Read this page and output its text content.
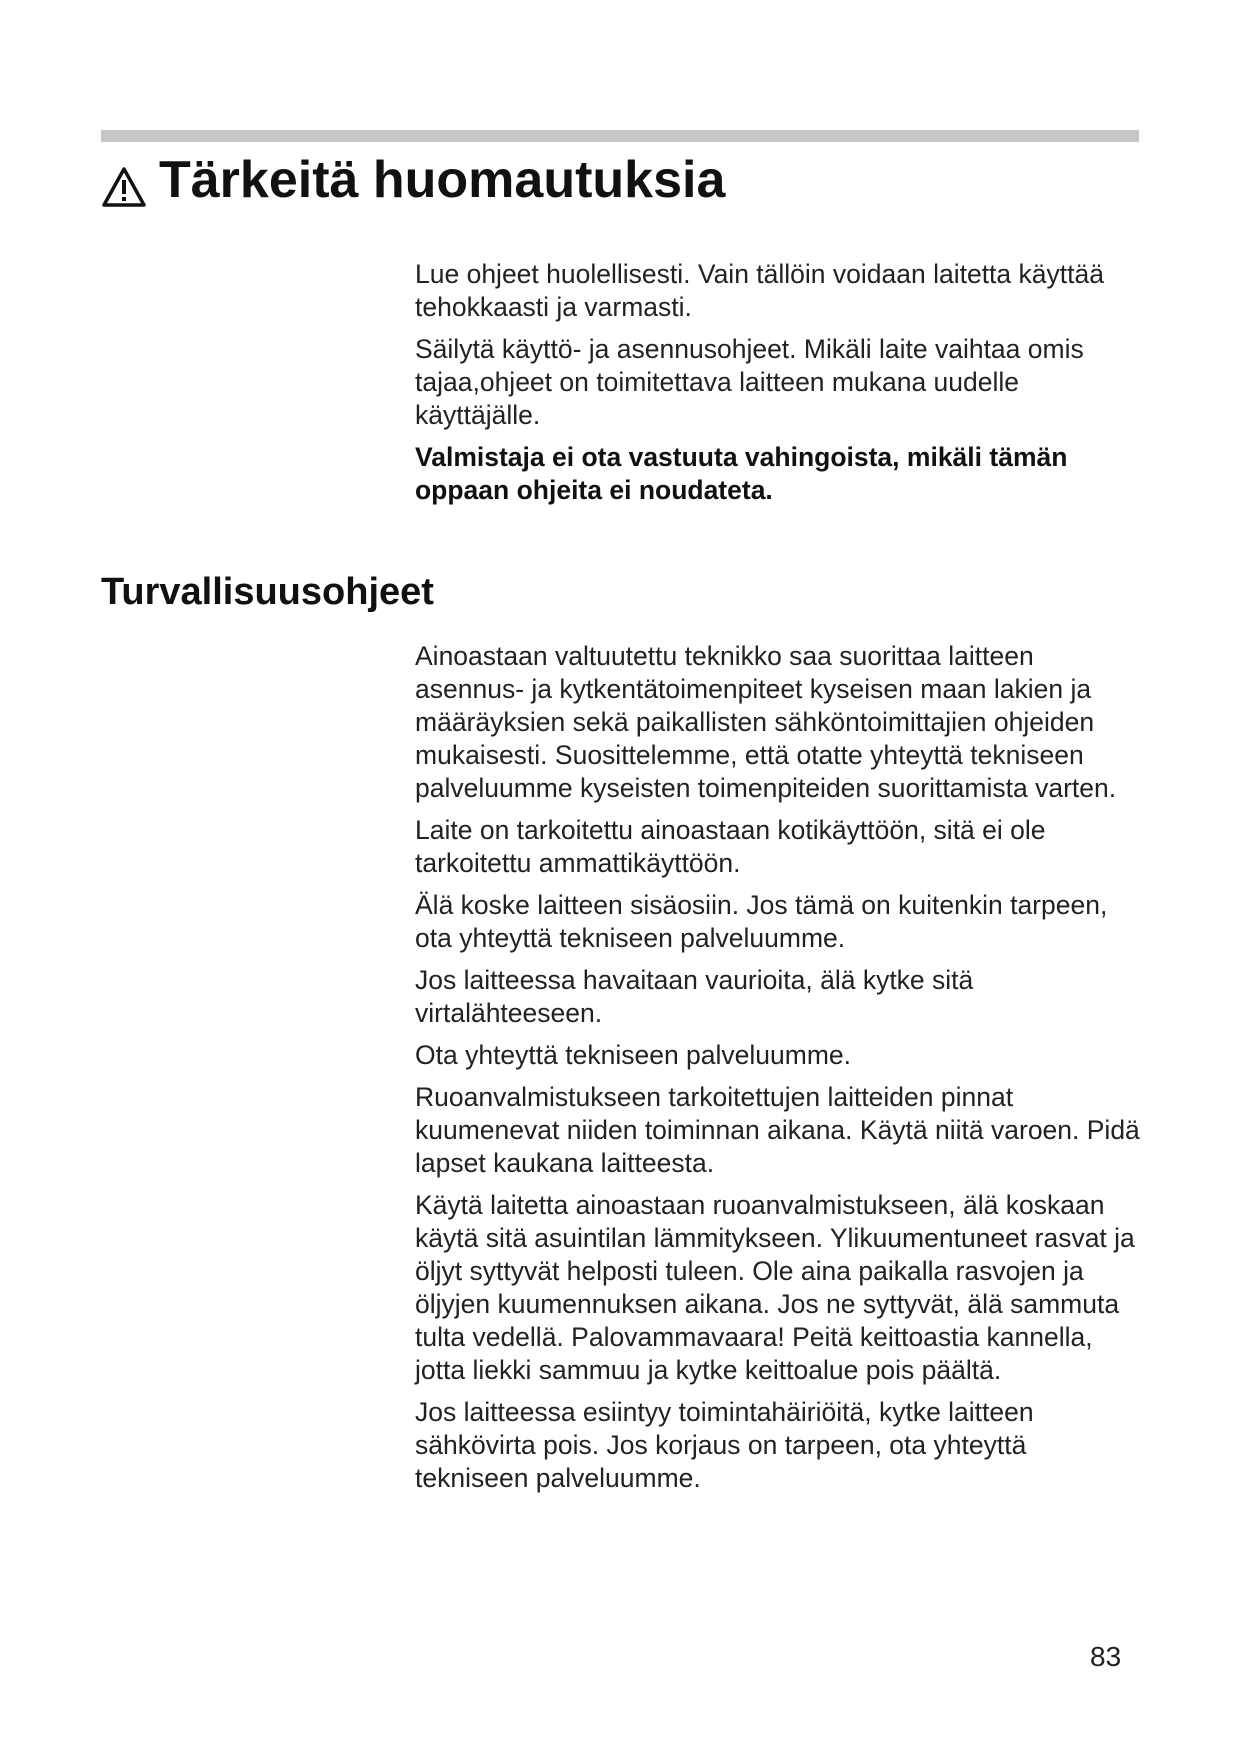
Tärkeitä huomautuksia

Lue ohjeet huolellisesti. Vain tällöin voidaan laitetta käyttää tehokkaasti ja varmasti.

Säilytä käyttö- ja asennusohjeet. Mikäli laite vaihtaa omis tajaa,ohjeet on toimitettava laitteen mukana uudelle käyttäjälle.

Valmistaja ei ota vastuuta vahingoista, mikäli tämän oppaan ohjeita ei noudateta.

Turvallisuusohjeet

Ainoastaan valtuutettu teknikko saa suorittaa laitteen asennus- ja kytkentätoimenpiteet kyseisen maan lakien ja määräyksien sekä paikallisten sähköntoimittajien ohjeiden mukaisesti. Suosittelemme, että otatte yhteyttä tekniseen palveluumme kyseisten toimenpiteiden suorittamista varten.

Laite on tarkoitettu ainoastaan kotikäyttöön, sitä ei ole tarkoitettu ammattikäyttöön.

Älä koske laitteen sisäosiin. Jos tämä on kuitenkin tarpeen, ota yhteyttä tekniseen palveluumme.

Jos laitteessa havaitaan vaurioita, älä kytke sitä virtalähteeseen.

Ota yhteyttä tekniseen palveluumme.

Ruoanvalmistukseen tarkoitettujen laitteiden pinnat kuumenevat niiden toiminnan aikana. Käytä niitä varoen. Pidä lapset kaukana laitteesta.

Käytä laitetta ainoastaan ruoanvalmistukseen, älä koskaan käytä sitä asuintilan lämmitykseen. Ylikuumentuneet rasvat ja öljyt syttyvät helposti tuleen. Ole aina paikalla rasvojen ja öljyjen kuumennuksen aikana. Jos ne syttyvät, älä sammuta tulta vedellä. Palovammavaara! Peitä keittoastia kannella, jotta liekki sammuu ja kytke keittoalue pois päältä.

Jos laitteessa esiintyy toimintahäiriöitä, kytke laitteen sähkövirta pois. Jos korjaus on tarpeen, ota yhteyttä tekniseen palveluumme.

83
